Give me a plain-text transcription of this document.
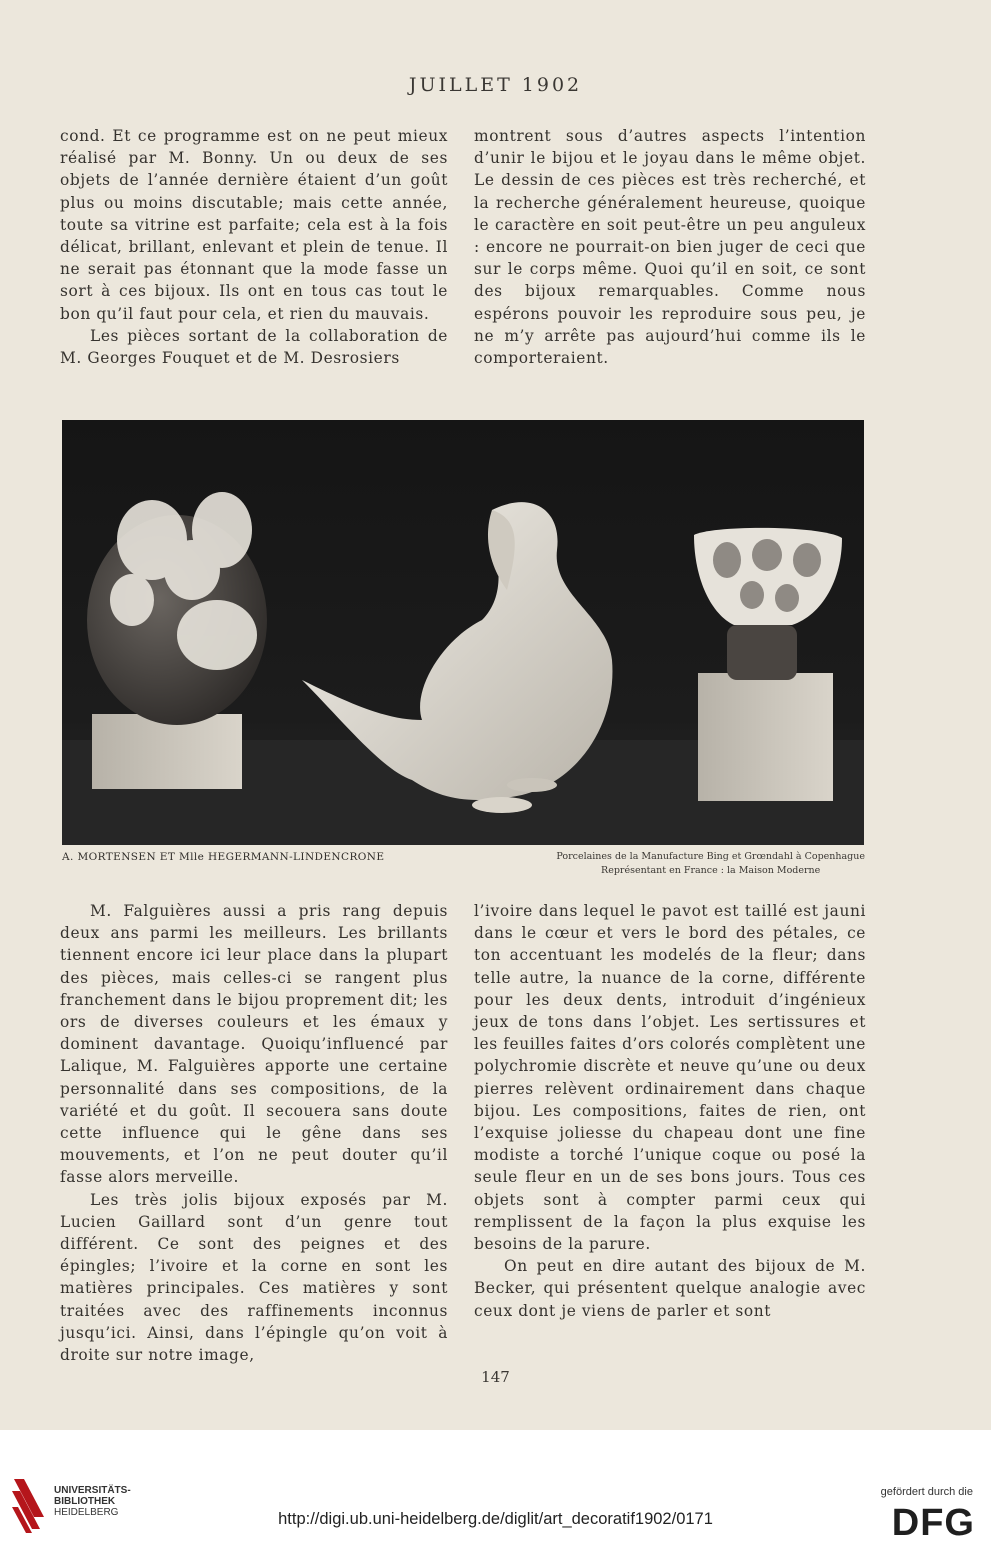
JUILLET 1902

cond. Et ce programme est on ne peut mieux réalisé par M. Bonny. Un ou deux de ses objets de l’année dernière étaient d’un goût plus ou moins discutable; mais cette année, toute sa vitrine est parfaite; cela est à la fois délicat, brillant, enlevant et plein de tenue. Il ne serait pas étonnant que la mode fasse un sort à ces bijoux. Ils ont en tous cas tout le bon qu’il faut pour cela, et rien du mauvais.

Les pièces sortant de la collaboration de M. Georges Fouquet et de M. Desrosiers

montrent sous d’autres aspects l’intention d’unir le bijou et le joyau dans le même objet. Le dessin de ces pièces est très recherché, et la recherche généralement heureuse, quoique le caractère en soit peut-être un peu anguleux : encore ne pourrait-on bien juger de ceci que sur le corps même. Quoi qu’il en soit, ce sont des bijoux remarquables. Comme nous espérons pouvoir les reproduire sous peu, je ne m’y arrête pas aujourd’hui comme ils le comporteraient.

A. MORTENSEN ET Mlle HEGERMANN-LINDENCRONE	Porcelaines de la Manufacture Bing et Grœndahl à Copenhague
Représentant en France : la Maison Moderne

M. Falguières aussi a pris rang depuis deux ans parmi les meilleurs. Les brillants tiennent encore ici leur place dans la plupart des pièces, mais celles-ci se rangent plus franchement dans le bijou proprement dit; les ors de diverses couleurs et les émaux y dominent davantage. Quoiqu’influencé par Lalique, M. Falguières apporte une certaine personnalité dans ses compositions, de la variété et du goût. Il secouera sans doute cette influence qui le gêne dans ses mouvements, et l’on ne peut douter qu’il fasse alors merveille.

Les très jolis bijoux exposés par M. Lucien Gaillard sont d’un genre tout différent. Ce sont des peignes et des épingles; l’ivoire et la corne en sont les matières principales. Ces matières y sont traitées avec des raffinements inconnus jusqu’ici. Ainsi, dans l’épingle qu’on voit à droite sur notre image,

l’ivoire dans lequel le pavot est taillé est jauni dans le cœur et vers le bord des pétales, ce ton accentuant les modelés de la fleur; dans telle autre, la nuance de la corne, différente pour les deux dents, introduit d’ingénieux jeux de tons dans l’objet. Les sertissures et les feuilles faites d’ors colorés complètent une polychromie discrète et neuve qu’une ou deux pierres relèvent ordinairement dans chaque bijou. Les compositions, faites de rien, ont l’exquise joliesse du chapeau dont une fine modiste a torché l’unique coque ou posé la seule fleur en un de ses bons jours. Tous ces objets sont à compter parmi ceux qui remplissent de la façon la plus exquise les besoins de la parure.

On peut en dire autant des bijoux de M. Becker, qui présentent quelque analogie avec ceux dont je viens de parler et sont

147
UNIVERSITÄTS-
BIBLIOTHEK
HEIDELBERG	http://digi.ub.uni-heidelberg.de/diglit/art_decoratif1902/0171
gefördert durch die
DFG
